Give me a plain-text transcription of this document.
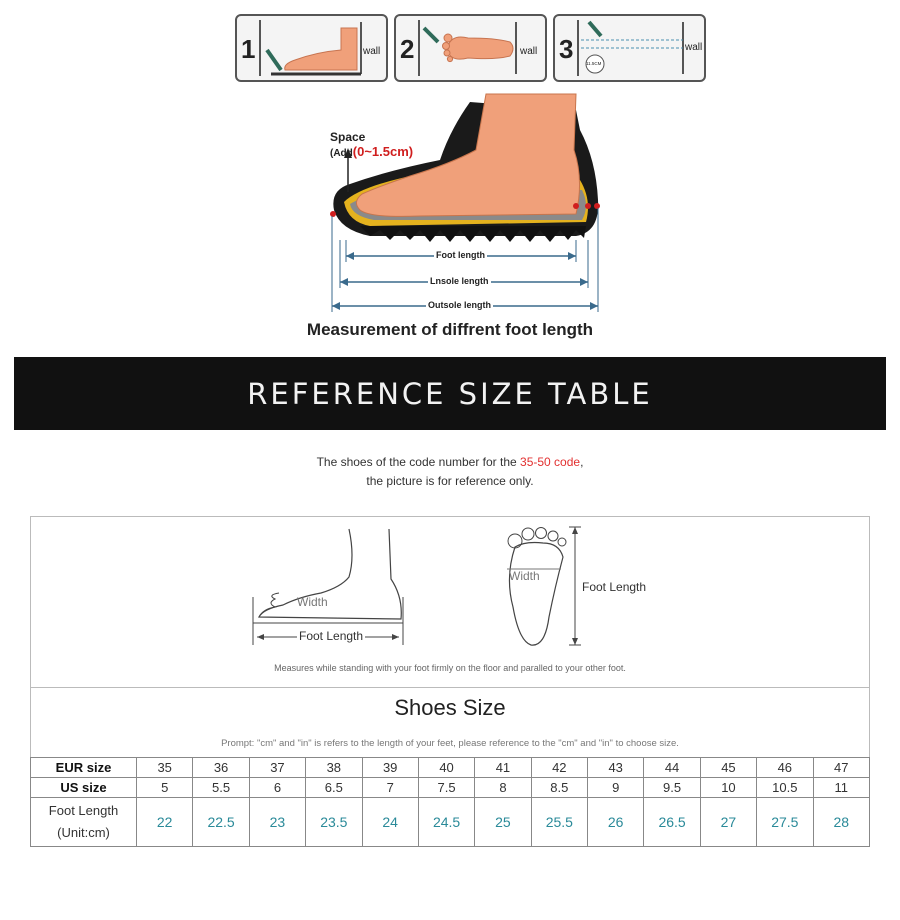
1	wall 2	wall 3	wall
11.5CM
Foot length
Lnsole length
Outsole length
Space
(Add(0~1.5cm)
Measurement of diffrent foot length
REFERENCE SIZE TABLE
The shoes of the code number for the 35-50 code,
the picture is for reference only.
Width
Foot Length
Width
Foot Length
Measures while standing with your foot firmly on the floor and paralled to your other foot.
Shoes Size
Prompt: "cm" and "in" is refers to the length of your feet, please reference to the "cm" and "in" to choose size.
EUR size	35	36	37	38	39	40	41	42	43	44	45	46	47
US size	5	5.5	6	6.5	7	7.5	8	8.5	9	9.5	10	10.5	11
Foot Length
(Unit:cm)	22	22.5	23	23.5	24	24.5	25	25.5	26	26.5	27	27.5	28
